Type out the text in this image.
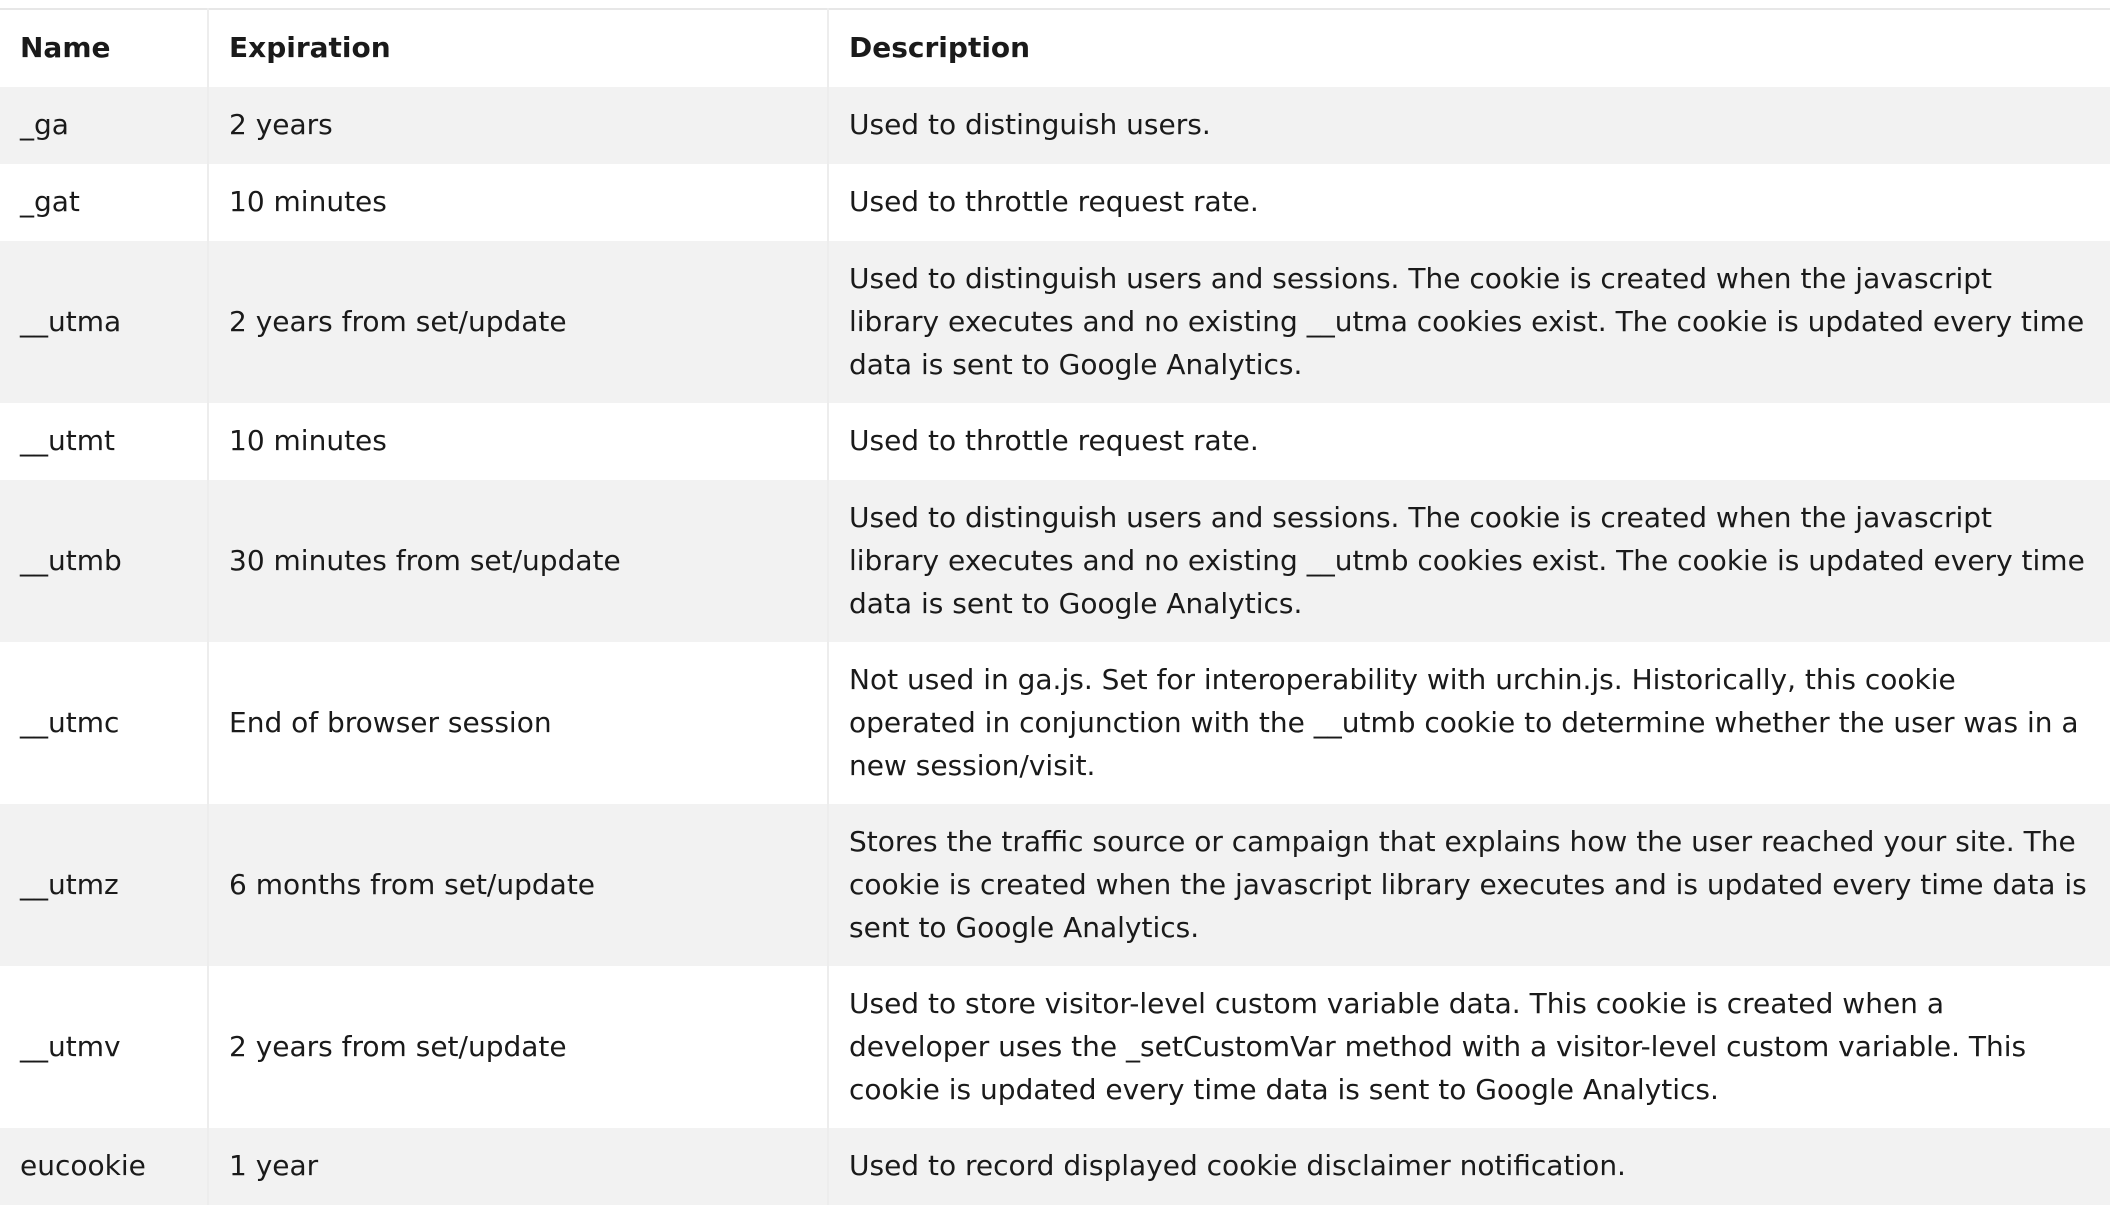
Name	Expiration	Description
_ga	2 years	Used to distinguish users.
_gat	10 minutes	Used to throttle request rate.
__utma	2 years from set/update	Used to distinguish users and sessions. The cookie is created when the javascript library executes and no existing __utma cookies exist. The cookie is updated every time data is sent to Google Analytics.
__utmt	10 minutes	Used to throttle request rate.
__utmb	30 minutes from set/update	Used to distinguish users and sessions. The cookie is created when the javascript library executes and no existing __utmb cookies exist. The cookie is updated every time data is sent to Google Analytics.
__utmc	End of browser session	Not used in ga.js. Set for interoperability with urchin.js. Historically, this cookie operated in conjunction with the __utmb cookie to determine whether the user was in a new session/visit.
__utmz	6 months from set/update	Stores the traffic source or campaign that explains how the user reached your site. The cookie is created when the javascript library executes and is updated every time data is sent to Google Analytics.
__utmv	2 years from set/update	Used to store visitor-level custom variable data. This cookie is created when a developer uses the _setCustomVar method with a visitor-level custom variable. This cookie is updated every time data is sent to Google Analytics.
eucookie	1 year	Used to record displayed cookie disclaimer notification.
